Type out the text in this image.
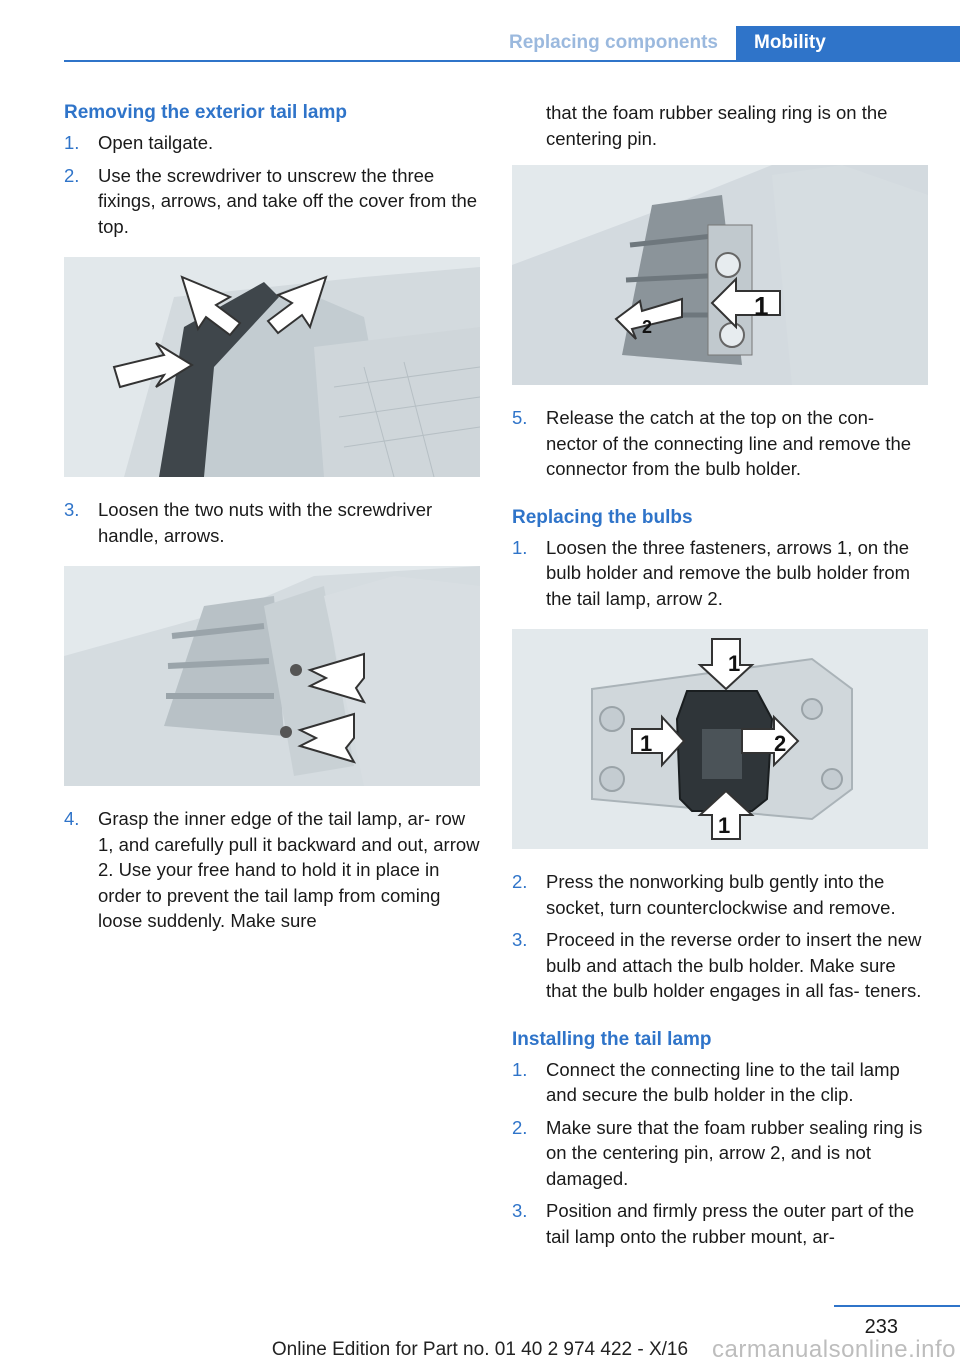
Replacing components	Mobility
Removing the exterior tail lamp
1.	Open tailgate.
2.	Use the screwdriver to unscrew the three fixings, arrows, and take off the cover from the top.
3.	Loosen the two nuts with the screwdriver handle, arrows.
4.	Grasp the inner edge of the tail lamp, ar‐ row 1, and carefully pull it backward and out, arrow 2. Use your free hand to hold it in place in order to prevent the tail lamp from coming loose suddenly. Make sure
that the foam rubber sealing ring is on the centering pin.
1
2
5.	Release the catch at the top on the con‐ nector of the connecting line and remove the connector from the bulb holder.
Replacing the bulbs
1.	Loosen the three fasteners, arrows 1, on the bulb holder and remove the bulb holder from the tail lamp, arrow 2.
1
1	2
1
2.	Press the nonworking bulb gently into the socket, turn counterclockwise and remove.
3.	Proceed in the reverse order to insert the new bulb and attach the bulb holder. Make sure that the bulb holder engages in all fas‐ teners.
Installing the tail lamp
1.	Connect the connecting line to the tail lamp and secure the bulb holder in the clip.
2.	Make sure that the foam rubber sealing ring is on the centering pin, arrow 2, and is not damaged.
3.	Position and firmly press the outer part of the tail lamp onto the rubber mount, ar‐
233
Online Edition for Part no. 01 40 2 974 422 - X/16 carmanualsonline.info
